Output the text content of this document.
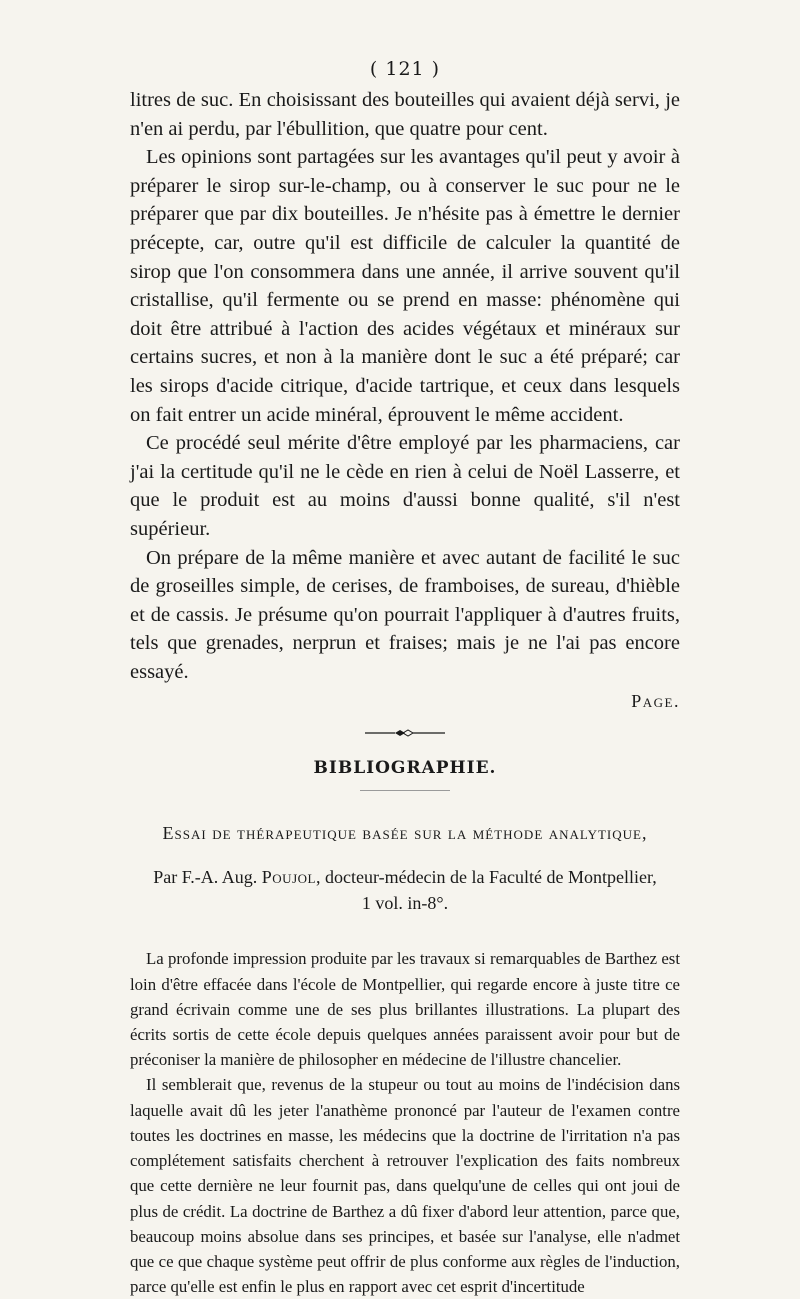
( 121 )

litres de suc. En choisissant des bouteilles qui avaient déjà servi, je n'en ai perdu, par l'ébullition, que quatre pour cent.

Les opinions sont partagées sur les avantages qu'il peut y avoir à préparer le sirop sur-le-champ, ou à conserver le suc pour ne le préparer que par dix bouteilles. Je n'hésite pas à émettre le dernier précepte, car, outre qu'il est difficile de calculer la quantité de sirop que l'on consommera dans une année, il arrive souvent qu'il cristallise, qu'il fermente ou se prend en masse: phénomène qui doit être attribué à l'action des acides végétaux et minéraux sur certains sucres, et non à la manière dont le suc a été préparé; car les sirops d'acide citrique, d'acide tartrique, et ceux dans lesquels on fait entrer un acide minéral, éprouvent le même accident.

Ce procédé seul mérite d'être employé par les pharmaciens, car j'ai la certitude qu'il ne le cède en rien à celui de Noël Lasserre, et que le produit est au moins d'aussi bonne qualité, s'il n'est supérieur.

On prépare de la même manière et avec autant de facilité le suc de groseilles simple, de cerises, de framboises, de sureau, d'hièble et de cassis. Je présume qu'on pourrait l'appliquer à d'autres fruits, tels que grenades, nerprun et fraises; mais je ne l'ai pas encore essayé.

Page.

BIBLIOGRAPHIE.
Essai de thérapeutique basée sur la méthode analytique,
Par F.-A. Aug. Poujol, docteur-médecin de la Faculté de Montpellier,
1 vol. in-8°.

La profonde impression produite par les travaux si remarquables de Barthez est loin d'être effacée dans l'école de Montpellier, qui regarde encore à juste titre ce grand écrivain comme une de ses plus brillantes illustrations. La plupart des écrits sortis de cette école depuis quelques années paraissent avoir pour but de préconiser la manière de philosopher en médecine de l'illustre chancelier.

Il semblerait que, revenus de la stupeur ou tout au moins de l'indécision dans laquelle avait dû les jeter l'anathème prononcé par l'auteur de l'examen contre toutes les doctrines en masse, les médecins que la doctrine de l'irritation n'a pas complétement satisfaits cherchent à retrouver l'explication des faits nombreux que cette dernière ne leur fournit pas, dans quelqu'une de celles qui ont joui de plus de crédit. La doctrine de Barthez a dû fixer d'abord leur attention, parce que, beaucoup moins absolue dans ses principes, et basée sur l'analyse, elle n'admet que ce que chaque système peut offrir de plus conforme aux règles de l'induction, parce qu'elle est enfin le plus en rapport avec cet esprit d'incertitude
